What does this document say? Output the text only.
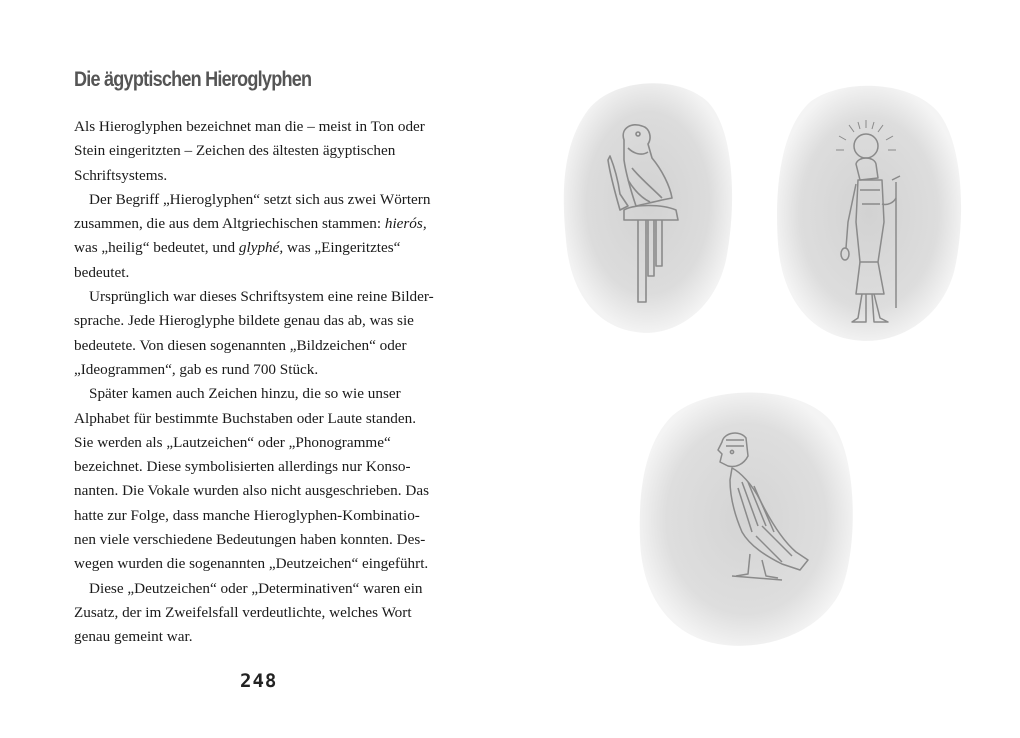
Die ägyptischen Hieroglyphen

Als Hieroglyphen bezeichnet man die – meist in Ton oder
Stein eingeritzten – Zeichen des ältesten ägyptischen
Schriftsystems.

Der Begriff „Hieroglyphen“ setzt sich aus zwei Wörtern
zusammen, die aus dem Altgriechischen stammen: hierós,
was „heilig“ bedeutet, und glyphé, was „Eingeritztes“
bedeutet.

Ursprünglich war dieses Schriftsystem eine reine Bilder-
sprache. Jede Hieroglyphe bildete genau das ab, was sie
bedeutete. Von diesen sogenannten „Bildzeichen“ oder
„Ideogrammen“, gab es rund 700 Stück.

Später kamen auch Zeichen hinzu, die so wie unser
Alphabet für bestimmte Buchstaben oder Laute standen.
Sie werden als „Lautzeichen“ oder „Phonogramme“
bezeichnet. Diese symbolisierten allerdings nur Konso-
nanten. Die Vokale wurden also nicht ausgeschrieben. Das
hatte zur Folge, dass manche Hieroglyphen-Kombinatio-
nen viele verschiedene Bedeutungen haben konnten. Des-
wegen wurden die sogenannten „Deutzeichen“ eingeführt.

Diese „Deutzeichen“ oder „Determinativen“ waren ein
Zusatz, der im Zweifelsfall verdeutlichte, welches Wort
genau gemeint war.

248
